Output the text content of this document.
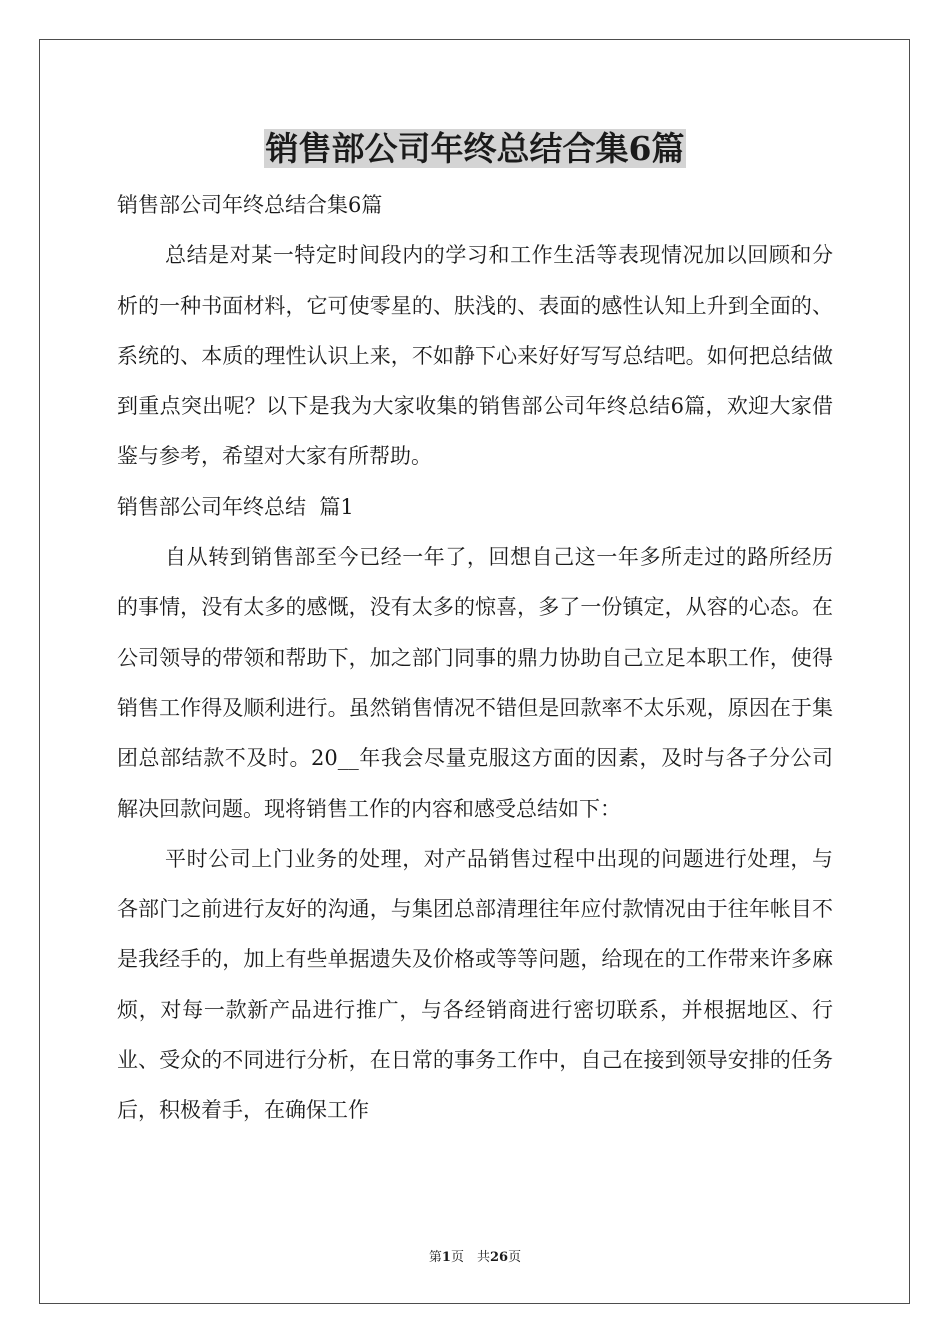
销售部公司年终总结合集6篇

销售部公司年终总结合集6篇

总结是对某一特定时间段内的学习和工作生活等表现情况加以回顾和分析的一种书面材料，它可使零星的、肤浅的、表面的感性认知上升到全面的、系统的、本质的理性认识上来，不如静下心来好好写写总结吧。如何把总结做到重点突出呢？以下是我为大家收集的销售部公司年终总结6篇，欢迎大家借鉴与参考，希望对大家有所帮助。

销售部公司年终总结  篇1

自从转到销售部至今已经一年了，回想自己这一年多所走过的路所经历的事情，没有太多的感慨，没有太多的惊喜，多了一份镇定，从容的心态。在公司领导的带领和帮助下，加之部门同事的鼎力协助自己立足本职工作，使得销售工作得及顺利进行。虽然销售情况不错但是回款率不太乐观，原因在于集团总部结款不及时。20__年我会尽量克服这方面的因素，及时与各子分公司解决回款问题。现将销售工作的内容和感受总结如下：

平时公司上门业务的处理，对产品销售过程中出现的问题进行处理，与各部门之前进行友好的沟通，与集团总部清理往年应付款情况由于往年帐目不是我经手的，加上有些单据遗失及价格或等等问题，给现在的工作带来许多麻烦，对每一款新产品进行推广，与各经销商进行密切联系，并根据地区、行业、受众的不同进行分析，在日常的事务工作中，自己在接到领导安排的任务后，积极着手，在确保工作

第1页　共26页
